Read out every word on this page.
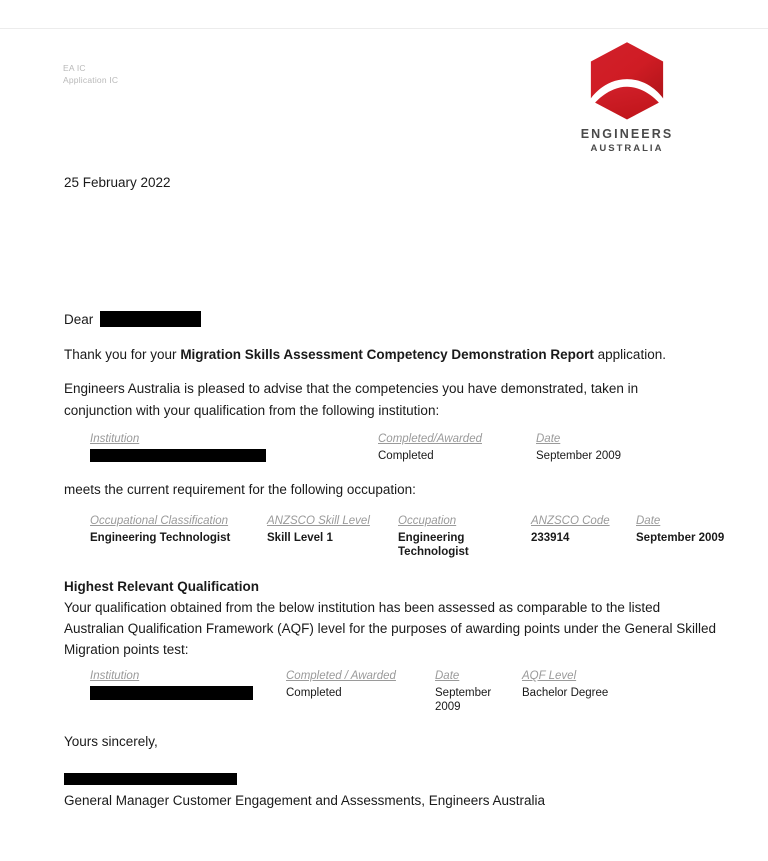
EA IC
Application IC
ENGINEERS
AUSTRALIA
25 February 2022
Dear
Thank you for your Migration Skills Assessment Competency Demonstration Report application.
Engineers Australia is pleased to advise that the competencies you have demonstrated, taken in conjunction with your qualification from the following institution:
Institution	Completed/Awarded
Completed
Date
September 2009
meets the current requirement for the following occupation:
Occupational Classification
Engineering Technologist
ANZSCO Skill Level
Skill Level 1
Occupation
Engineering Technologist
ANZSCO Code
233914
Date
September 2009
Highest Relevant Qualification
Your qualification obtained from the below institution has been assessed as comparable to the listed Australian Qualification Framework (AQF) level for the purposes of awarding points under the General Skilled Migration points test:
Institution	Completed / Awarded
Completed
Date
September 2009
AQF Level
Bachelor Degree
Yours sincerely,
General Manager Customer Engagement and Assessments, Engineers Australia
